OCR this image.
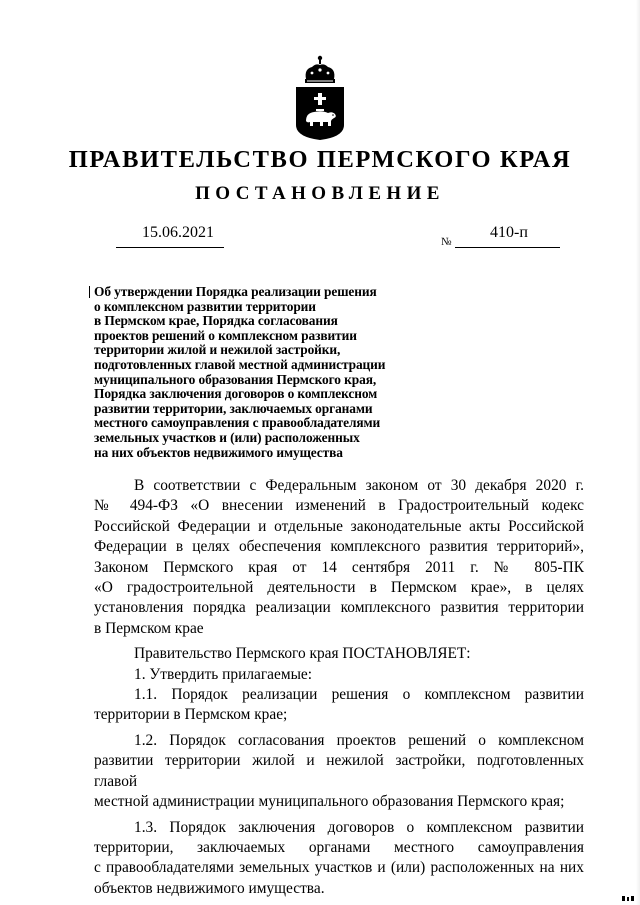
ПРАВИТЕЛЬСТВО ПЕРМСКОГО КРАЯ
ПОСТАНОВЛЕНИЕ
15.06.2021
№
410-п
Об утверждении Порядка реализации решения
о комплексном развитии территории
в Пермском крае, Порядка согласования
проектов решений о комплексном развитии
территории жилой и нежилой застройки,
подготовленных главой местной администрации
муниципального образования Пермского края,
Порядка заключения договоров о комплексном
развитии территории, заключаемых органами
местного самоуправления с правообладателями
земельных участков и (или) расположенных
на них объектов недвижимого имущества
В соответствии с Федеральным законом от 30 декабря 2020 г.
№ 494-ФЗ «О внесении изменений в Градостроительный кодекс
Российской Федерации и отдельные законодательные акты Российской
Федерации в целях обеспечения комплексного развития территорий»,
Законом Пермского края от 14 сентября 2011 г. № 805-ПК
«О градостроительной деятельности в Пермском крае», в целях
установления порядка реализации комплексного развития территории
в Пермском крае
Правительство Пермского края ПОСТАНОВЛЯЕТ:
1. Утвердить прилагаемые:
1.1. Порядок реализации решения о комплексном развитии
территории в Пермском крае;
1.2. Порядок согласования проектов решений о комплексном
развитии территории жилой и нежилой застройки, подготовленных главой
местной администрации муниципального образования Пермского края;
1.3. Порядок заключения договоров о комплексном развитии
территории, заключаемых органами местного самоуправления
с правообладателями земельных участков и (или) расположенных на них
объектов недвижимого имущества.
